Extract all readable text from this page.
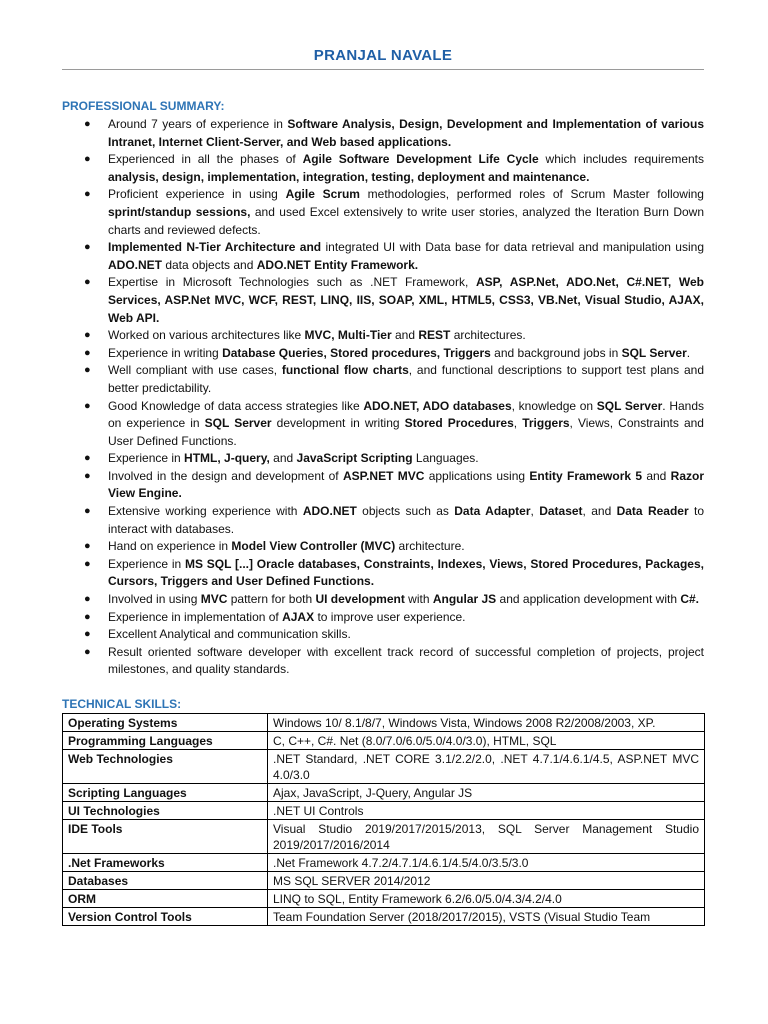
PRANJAL NAVALE
PROFESSIONAL SUMMARY:
● Around 7 years of experience in Software Analysis, Design, Development and Implementation of various Intranet, Internet Client-Server, and Web based applications.
● Experienced in all the phases of Agile Software Development Life Cycle which includes requirements analysis, design, implementation, integration, testing, deployment and maintenance.
● Proficient experience in using Agile Scrum methodologies, performed roles of Scrum Master following sprint/standup sessions, and used Excel extensively to write user stories, analyzed the Iteration Burn Down charts and reviewed defects.
● Implemented N-Tier Architecture and integrated UI with Data base for data retrieval and manipulation using ADO.NET data objects and ADO.NET Entity Framework.
● Expertise in Microsoft Technologies such as .NET Framework, ASP, ASP.Net, ADO.Net, C#.NET, Web Services, ASP.Net MVC, WCF, REST, LINQ, IIS, SOAP, XML, HTML5, CSS3, VB.Net, Visual Studio, AJAX, Web API.
● Worked on various architectures like MVC, Multi-Tier and REST architectures.
● Experience in writing Database Queries, Stored procedures, Triggers and background jobs in SQL Server.
● Well compliant with use cases, functional flow charts, and functional descriptions to support test plans and better predictability.
● Good Knowledge of data access strategies like ADO.NET, ADO databases, knowledge on SQL Server. Hands on experience in SQL Server development in writing Stored Procedures, Triggers, Views, Constraints and User Defined Functions.
● Experience in HTML, J-query, and JavaScript Scripting Languages.
● Involved in the design and development of ASP.NET MVC applications using Entity Framework 5 and Razor View Engine.
● Extensive working experience with ADO.NET objects such as Data Adapter, Dataset, and Data Reader to interact with databases.
● Hand on experience in Model View Controller (MVC) architecture.
● Experience in MS SQL [...] Oracle databases, Constraints, Indexes, Views, Stored Procedures, Packages, Cursors, Triggers and User Defined Functions.
● Involved in using MVC pattern for both UI development with Angular JS and application development with C#.
● Experience in implementation of AJAX to improve user experience.
● Excellent Analytical and communication skills.
● Result oriented software developer with excellent track record of successful completion of projects, project milestones, and quality standards.
TECHNICAL SKILLS:
Operating Systems	Windows 10/ 8.1/8/7, Windows Vista, Windows 2008 R2/2008/2003, XP.
Programming Languages	C, C++, C#. Net (8.0/7.0/6.0/5.0/4.0/3.0), HTML, SQL
Web Technologies	.NET Standard, .NET CORE 3.1/2.2/2.0, .NET 4.7.1/4.6.1/4.5, ASP.NET MVC 4.0/3.0
Scripting Languages	Ajax, JavaScript, J-Query, Angular JS
UI Technologies	.NET UI Controls
IDE Tools	Visual Studio 2019/2017/2015/2013, SQL Server Management Studio 2019/2017/2016/2014
.Net Frameworks	.Net Framework 4.7.2/4.7.1/4.6.1/4.5/4.0/3.5/3.0
Databases	MS SQL SERVER 2014/2012
ORM	LINQ to SQL, Entity Framework 6.2/6.0/5.0/4.3/4.2/4.0
Version Control Tools	Team Foundation Server (2018/2017/2015), VSTS (Visual Studio Team
